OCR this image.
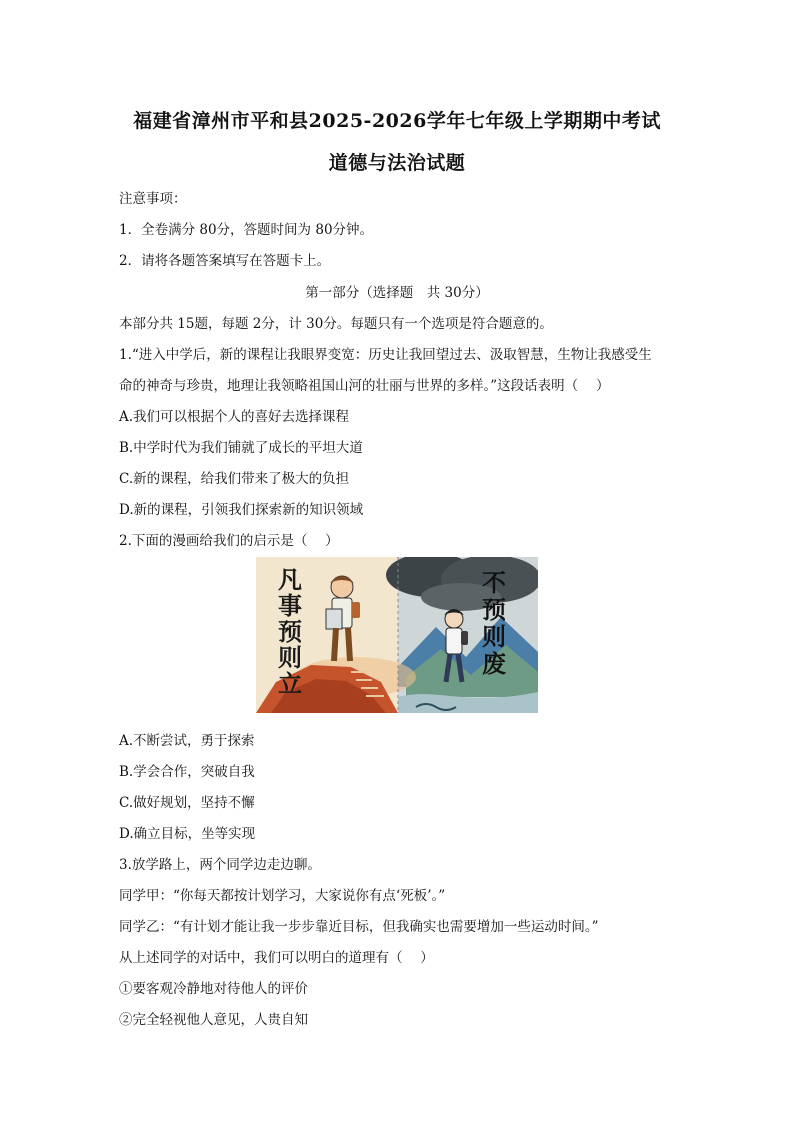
福建省漳州市平和县2025-2026学年七年级上学期期中考试
道德与法治试题
注意事项：
1．全卷满分 80分，答题时间为 80分钟。
2．请将各题答案填写在答题卡上。
第一部分（选择题　共 30分）
本部分共 15题，每题 2分，计 30分。每题只有一个选项是符合题意的。
1.“进入中学后，新的课程让我眼界变宽：历史让我回望过去、汲取智慧，生物让我感受生
命的神奇与珍贵，地理让我领略祖国山河的壮丽与世界的多样。”这段话表明（　 ）
A.我们可以根据个人的喜好去选择课程
B.中学时代为我们铺就了成长的平坦大道
C.新的课程，给我们带来了极大的负担
D.新的课程，引领我们探索新的知识领域
2.下面的漫画给我们的启示是（　 ）
凡事预则立
不预则废
A.不断尝试，勇于探索
B.学会合作，突破自我
C.做好规划，坚持不懈
D.确立目标，坐等实现
3.放学路上，两个同学边走边聊。
同学甲：“你每天都按计划学习，大家说你有点‘死板’。”
同学乙：“有计划才能让我一步步靠近目标，但我确实也需要增加一些运动时间。”
从上述同学的对话中，我们可以明白的道理有（　 ）
①要客观冷静地对待他人的评价
②完全轻视他人意见，人贵自知
